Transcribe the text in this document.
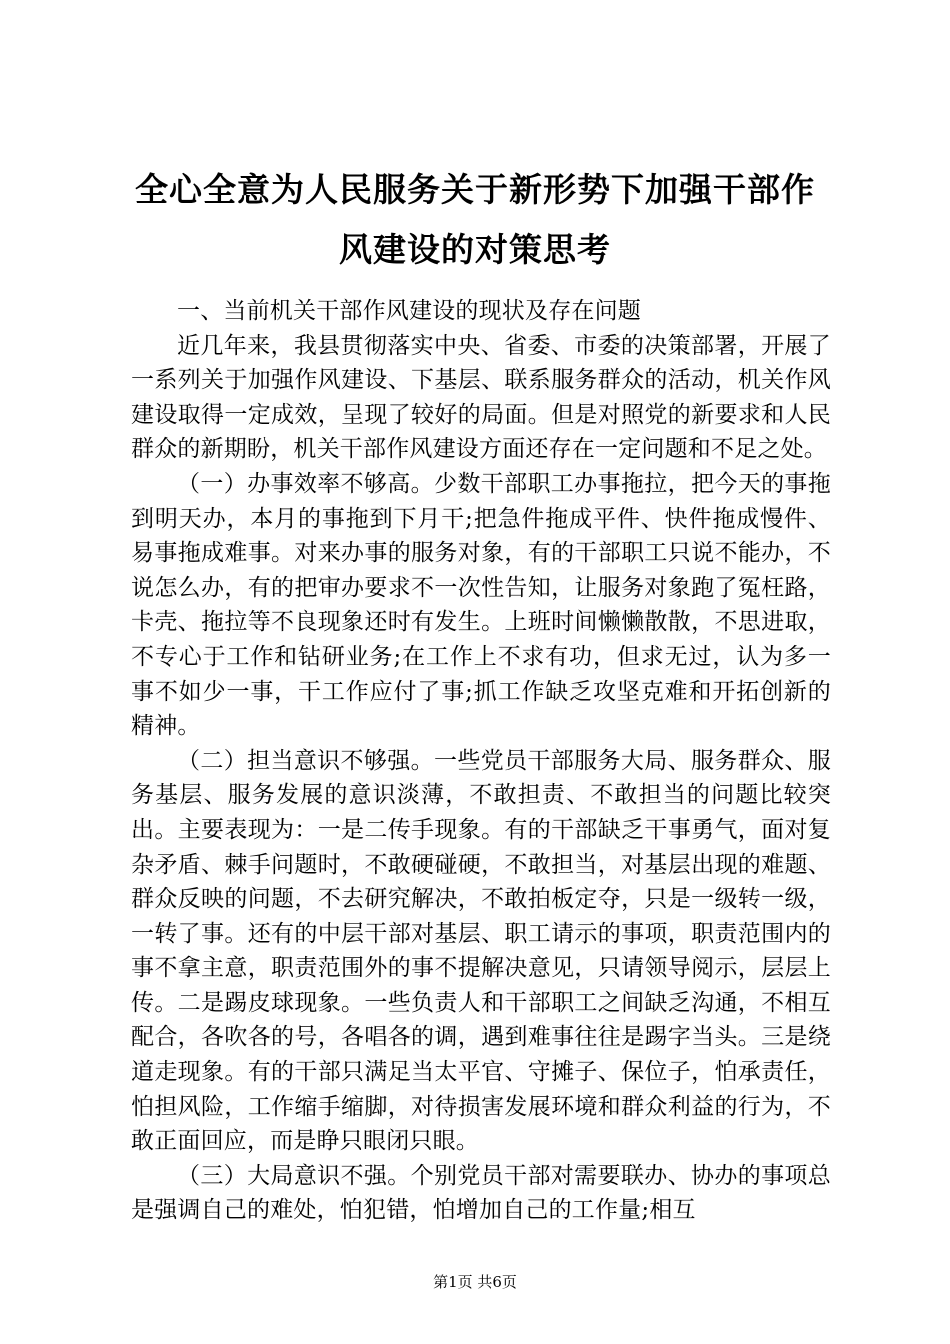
全心全意为人民服务关于新形势下加强干部作风建设的对策思考

一、当前机关干部作风建设的现状及存在问题

近几年来，我县贯彻落实中央、省委、市委的决策部署，开展了一系列关于加强作风建设、下基层、联系服务群众的活动，机关作风建设取得一定成效，呈现了较好的局面。但是对照党的新要求和人民群众的新期盼，机关干部作风建设方面还存在一定问题和不足之处。

（一）办事效率不够高。少数干部职工办事拖拉，把今天的事拖到明天办，本月的事拖到下月干;把急件拖成平件、快件拖成慢件、易事拖成难事。对来办事的服务对象，有的干部职工只说不能办，不说怎么办，有的把审办要求不一次性告知，让服务对象跑了冤枉路，卡壳、拖拉等不良现象还时有发生。上班时间懒懒散散，不思进取，不专心于工作和钻研业务;在工作上不求有功，但求无过，认为多一事不如少一事，干工作应付了事;抓工作缺乏攻坚克难和开拓创新的精神。

（二）担当意识不够强。一些党员干部服务大局、服务群众、服务基层、服务发展的意识淡薄，不敢担责、不敢担当的问题比较突出。主要表现为：一是二传手现象。有的干部缺乏干事勇气，面对复杂矛盾、棘手问题时，不敢硬碰硬，不敢担当，对基层出现的难题、群众反映的问题，不去研究解决，不敢拍板定夺，只是一级转一级，一转了事。还有的中层干部对基层、职工请示的事项，职责范围内的事不拿主意，职责范围外的事不提解决意见，只请领导阅示，层层上传。二是踢皮球现象。一些负责人和干部职工之间缺乏沟通，不相互配合，各吹各的号，各唱各的调，遇到难事往往是踢字当头。三是绕道走现象。有的干部只满足当太平官、守摊子、保位子，怕承责任，怕担风险，工作缩手缩脚，对待损害发展环境和群众利益的行为，不敢正面回应，而是睁只眼闭只眼。

（三）大局意识不强。个别党员干部对需要联办、协办的事项总是强调自己的难处，怕犯错，怕增加自己的工作量;相互

第1页 共6页
